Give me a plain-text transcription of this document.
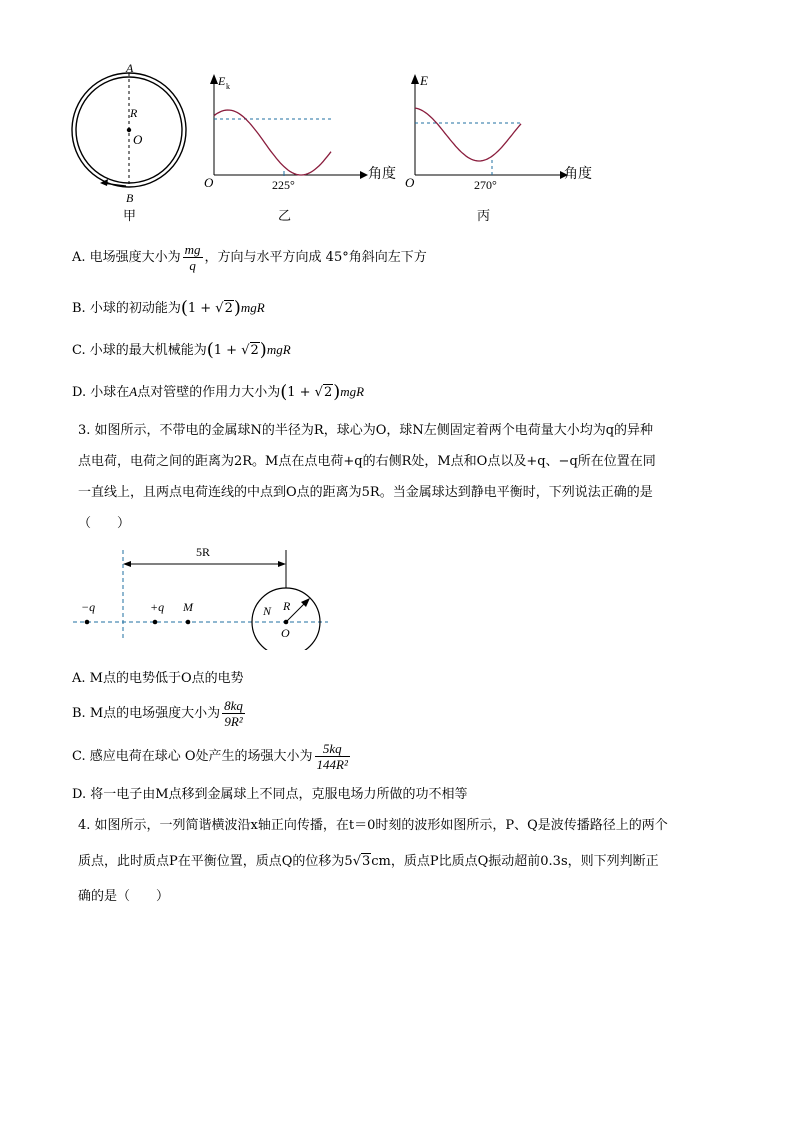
A
R
O
B
甲
E k
O	225°
角度
乙
E
O	270°
角度
丙
A. 电场强度大小为 $\frac{mg}{q}$ ，方向与水平方向成 45°角斜向左下方
B. 小球的初动能为(1 + √2)mgR
C. 小球的最大机械能为(1 + √2)mgR
D. 小球在A点对管壁的作用力大小为(1 + √2)mgR
3. 如图所示，不带电的金属球N的半径为R，球心为O，球N左侧固定着两个电荷量大小均为q的异种
点电荷，电荷之间的距离为2R。M点在点电荷+q的右侧R处，M点和O点以及+q、−q所在位置在同
一直线上，且两点电荷连线的中点到O点的距离为5R。当金属球达到静电平衡时，下列说法正确的是
（　　）
5R
−q	+q M	N R
O
A. M点的电势低于O点的电势
B. M点的电场强度大小为 $\frac{8kq}{\text{9R²}}$
C. 感应电荷在球心 O处产生的场强大小为 $\frac{5kq}{\text{144R²}}$
D. 将一电子由M点移到金属球上不同点，克服电场力所做的功不相等
4. 如图所示，一列简谐横波沿x轴正向传播，在t＝0时刻的波形如图所示，P、Q是波传播路径上的两个
质点，此时质点P在平衡位置，质点Q的位移为5√3cm，质点P比质点Q振动超前0.3s，则下列判断正
确的是（　　）
